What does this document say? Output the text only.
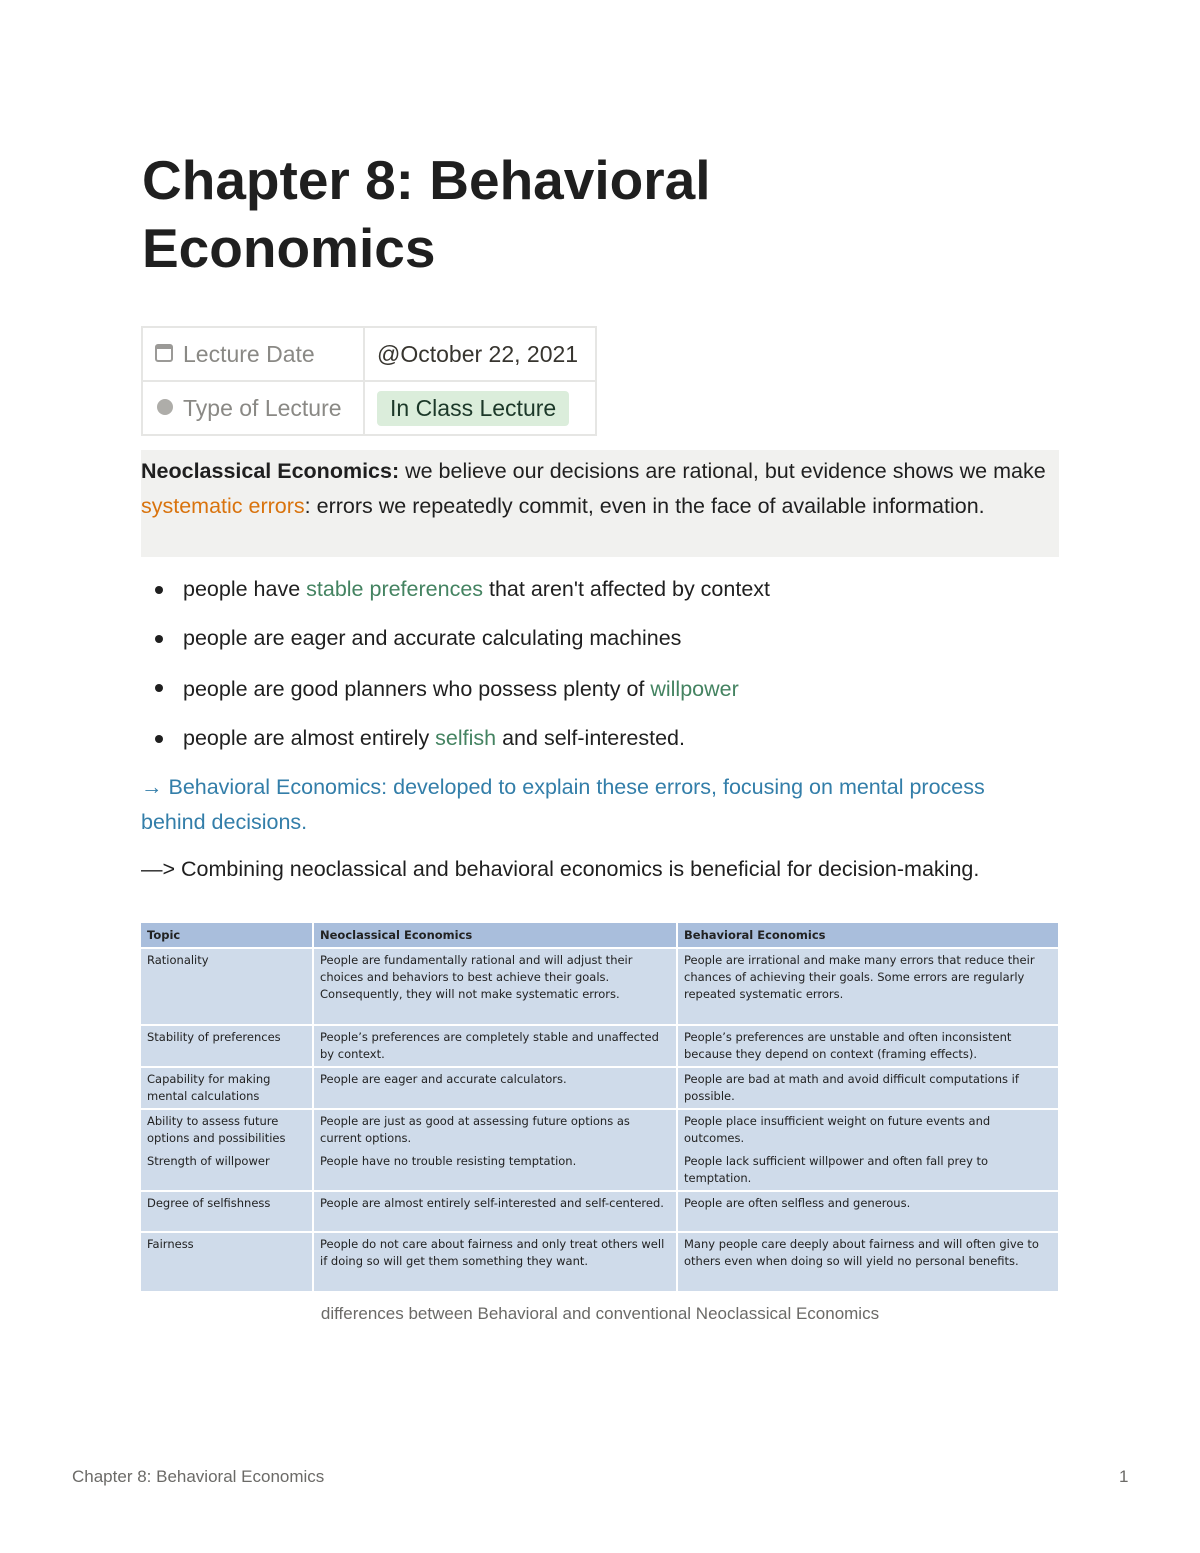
Chapter 8: Behavioral Economics
Lecture Date	@October 22, 2021
Type of Lecture	In Class Lecture
Neoclassical Economics: we believe our decisions are rational, but evidence shows we make systematic errors: errors we repeatedly commit, even in the face of available information.
people have stable preferences that aren't affected by context
people are eager and accurate calculating machines
people are good planners who possess plenty of willpower
people are almost entirely selfish and self-interested.

→ Behavioral Economics: developed to explain these errors, focusing on mental process behind decisions.

—> Combining neoclassical and behavioral economics is beneficial for decision-making.

Topic	Neoclassical Economics	Behavioral Economics
Rationality	People are fundamentally rational and will adjust their choices and behaviors to best achieve their goals. Consequently, they will not make systematic errors.	People are irrational and make many errors that reduce their chances of achieving their goals. Some errors are regularly repeated systematic errors.
Stability of preferences	People’s preferences are completely stable and unaffected by context.	People’s preferences are unstable and often inconsistent because they depend on context (framing effects).
Capability for making mental calculations	People are eager and accurate calculators.	People are bad at math and avoid difficult computations if possible.
Ability to assess future options and possibilities	People are just as good at assessing future options as current options.	People place insufficient weight on future events and outcomes.
Strength of willpower	People have no trouble resisting temptation.	People lack sufficient willpower and often fall prey to temptation.
Degree of selfishness	People are almost entirely self-interested and self-centered.	People are often selfless and generous.
Fairness	People do not care about fairness and only treat others well if doing so will get them something they want.	Many people care deeply about fairness and will often give to others even when doing so will yield no personal benefits.

differences between Behavioral and conventional Neoclassical Economics

Chapter 8: Behavioral Economics	1
